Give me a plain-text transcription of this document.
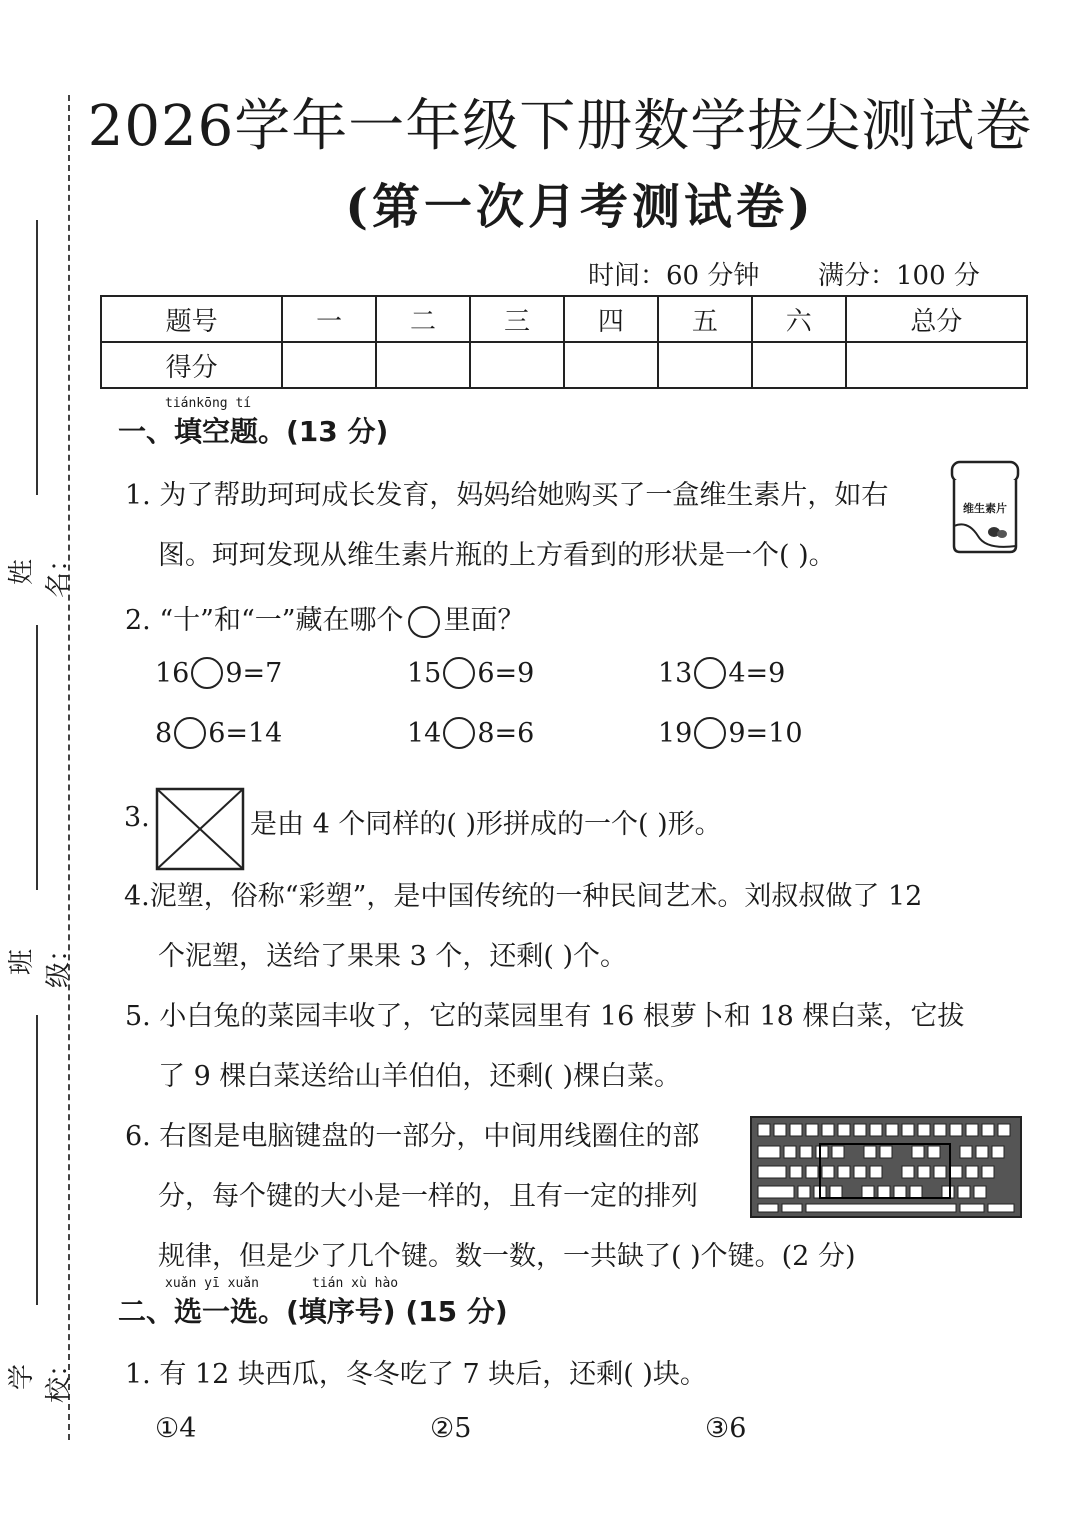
姓名：
班级：
学校：
2026学年一年级下册数学拔尖测试卷
(第一次月考测试卷)
时间：60 分钟 满分：100 分
题号	一	二	三	四	五	六	总分
得分							
tiánkōng tí
一、填空题。(13 分)
1. 为了帮助珂珂成长发育，妈妈给她购买了一盒维生素片，如右
图。珂珂发现从维生素片瓶的上方看到的形状是一个( )。
维生素片
2. “十”和“一”藏在哪个 里面？
16 9=7	15 6=9	13 4=9
8 6=14	14 8=6	19 9=10
3.	是由 4 个同样的( )形拼成的一个( )形。
4.泥塑，俗称“彩塑”，是中国传统的一种民间艺术。刘叔叔做了 12
个泥塑，送给了果果 3 个，还剩( )个。
5. 小白兔的菜园丰收了，它的菜园里有 16 根萝卜和 18 棵白菜，它拔
了 9 棵白菜送给山羊伯伯，还剩( )棵白菜。
6. 右图是电脑键盘的一部分，中间用线圈住的部
分，每个键的大小是一样的，且有一定的排列
规律，但是少了几个键。数一数，一共缺了( )个键。(2 分)
xuǎn yī xuǎn	tián xù hào
二、选一选。(填序号) (15 分)
1. 有 12 块西瓜，冬冬吃了 7 块后，还剩( )块。
①4	②5	③6
